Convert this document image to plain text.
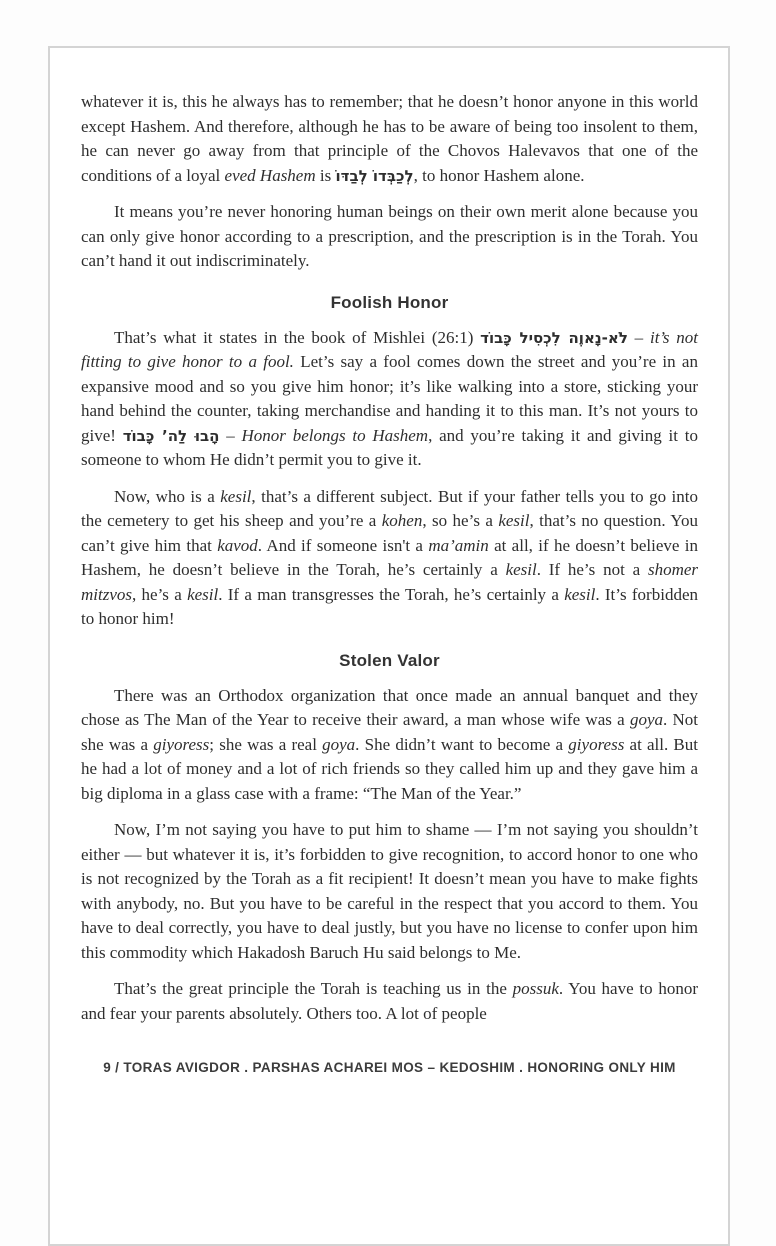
whatever it is, this he always has to remember; that he doesn’t honor anyone in this world except Hashem. And therefore, although he has to be aware of being too insolent to them, he can never go away from that principle of the Chovos Halevavos that one of the conditions of a loyal eved Hashem is לְכַבְּדוֹ לְבַדּוֹ, to honor Hashem alone.

It means you’re never honoring human beings on their own merit alone because you can only give honor according to a prescription, and the prescription is in the Torah. You can’t hand it out indiscriminately.

Foolish Honor

That’s what it states in the book of Mishlei (26:1) לֹא-נָאוֶה לִכְסִיל כָּבוֹד – it’s not fitting to give honor to a fool. Let’s say a fool comes down the street and you’re in an expansive mood and so you give him honor; it’s like walking into a store, sticking your hand behind the counter, taking merchandise and handing it to this man. It’s not yours to give! הָבוּ לַה’ כָּבוֹד – Honor belongs to Hashem, and you’re taking it and giving it to someone to whom He didn’t permit you to give it.

Now, who is a kesil, that’s a different subject. But if your father tells you to go into the cemetery to get his sheep and you’re a kohen, so he’s a kesil, that’s no question. You can’t give him that kavod. And if someone isn't a ma’amin at all, if he doesn’t believe in Hashem, he doesn’t believe in the Torah, he’s certainly a kesil. If he’s not a shomer mitzvos, he’s a kesil. If a man transgresses the Torah, he’s certainly a kesil. It’s forbidden to honor him!

Stolen Valor

There was an Orthodox organization that once made an annual banquet and they chose as The Man of the Year to receive their award, a man whose wife was a goya. Not she was a giyoress; she was a real goya. She didn’t want to become a giyoress at all. But he had a lot of money and a lot of rich friends so they called him up and they gave him a big diploma in a glass case with a frame: “The Man of the Year.”

Now, I’m not saying you have to put him to shame — I’m not saying you shouldn’t either — but whatever it is, it’s forbidden to give recognition, to accord honor to one who is not recognized by the Torah as a fit recipient! It doesn’t mean you have to make fights with anybody, no. But you have to be careful in the respect that you accord to them. You have to deal correctly, you have to deal justly, but you have no license to confer upon him this commodity which Hakadosh Baruch Hu said belongs to Me.

That’s the great principle the Torah is teaching us in the possuk. You have to honor and fear your parents absolutely. Others too. A lot of people

9 / TORAS AVIGDOR . PARSHAS ACHAREI MOS – KEDOSHIM . HONORING ONLY HIM
